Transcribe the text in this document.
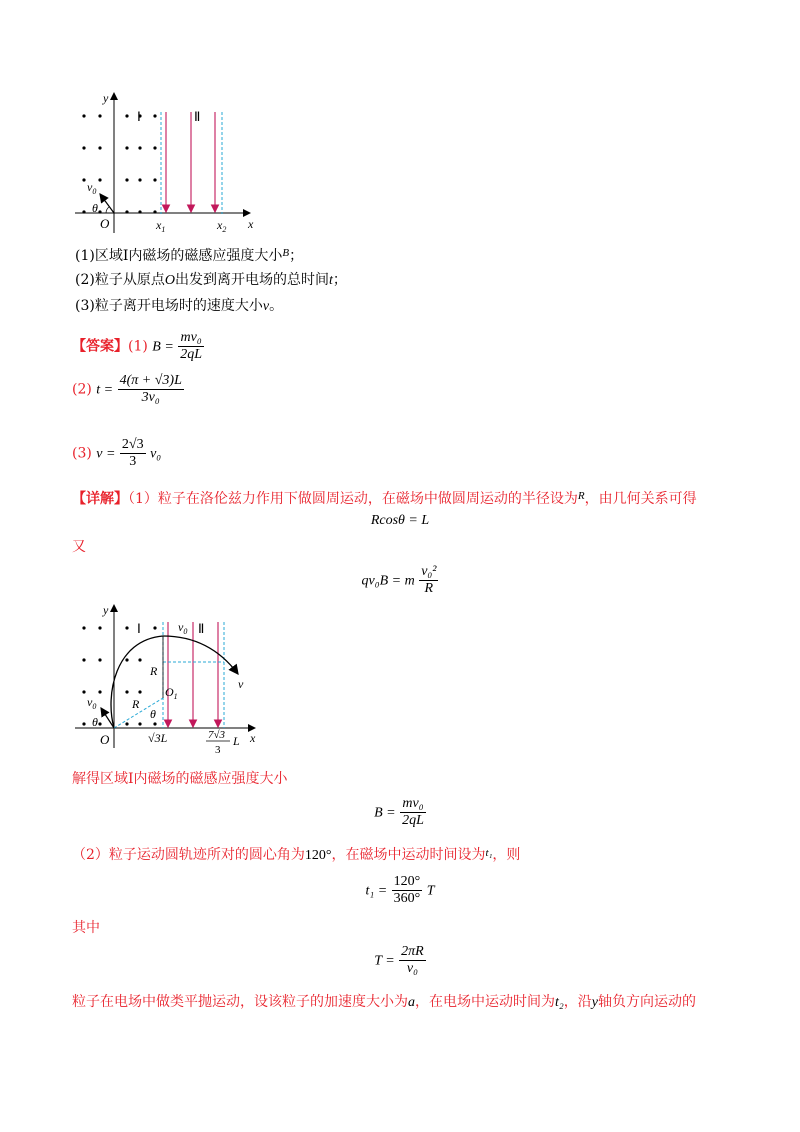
y
x
O
Ⅰ	Ⅱ
$v_0$
θ
$x_1$	$x_2$
(1)区域Ⅰ内磁场的磁感应强度大小$^B$；
(2)粒子从原点O出发到离开电场的总时间t；
(3)粒子离开电场时的速度大小v。
【答案】(1) $B = \frac{\text{mv₀}}{2qL}$
(2) $t = \frac{4(\pi + √3)L}{\text{3v₀}}$
(3) $v = \frac{2√3}{3} v_0$
【详解】（1）粒子在洛伦兹力作用下做圆周运动，在磁场中做圆周运动的半径设为$^R$，由几何关系可得
Rcosθ = L
又
qv₀B = m $\frac{\text{v₀²}}{R}$
y
x
O
Ⅰ	Ⅱ
$v_0$
θ
$v_0$
v
R
R
$O_1$
θ
√3L	7√3
3
L
解得区域Ⅰ内磁场的磁感应强度大小
$B = \frac{\text{mv₀}}{2qL}$
（2）粒子运动圆轨迹所对的圆心角为120°，在磁场中运动时间设为$^{t_1}$，则
$t_1 = \frac{120^\circ}{360^\circ}$ T
其中
$T = \frac{2\pi R}{\text{v₀}}$
粒子在电场中做类平抛运动，设该粒子的加速度大小为a，在电场中运动时间为t₂，沿y轴负方向运动的
